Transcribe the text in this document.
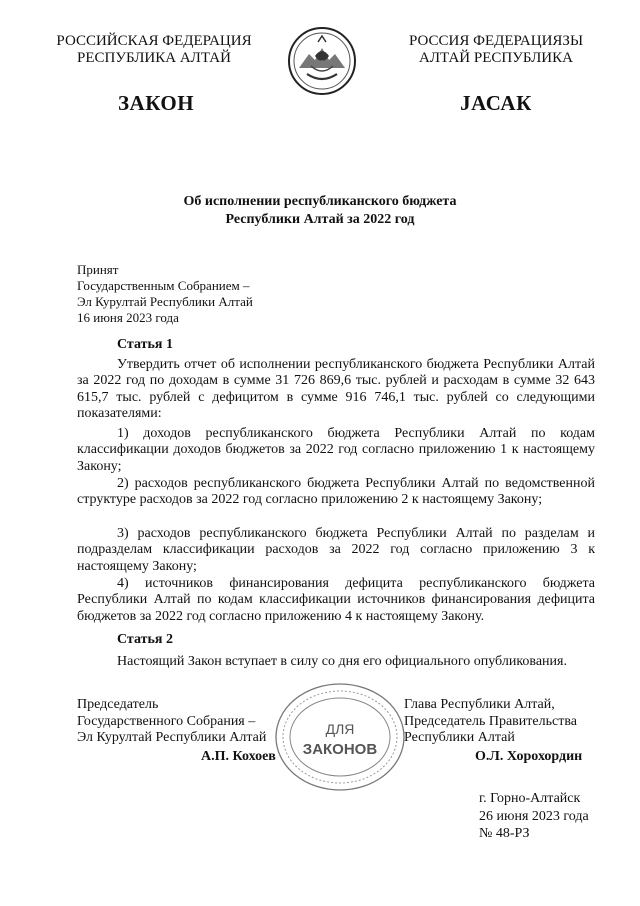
РОССИЙСКАЯ ФЕДЕРАЦИЯ
РЕСПУБЛИКА АЛТАЙ
РОССИЯ ФЕДЕРАЦИЯЗЫ
АЛТАЙ РЕСПУБЛИКА
ЗАКОН	ЈАСАК
Об исполнении республиканского бюджета
Республики Алтай за 2022 год
Принят
Государственным Собранием –
Эл Курултай Республики Алтай
16 июня 2023 года
Статья 1
Утвердить отчет об исполнении республиканского бюджета Республики Алтай за 2022 год по доходам в сумме 31 726 869,6 тыс. рублей и расходам в сумме 32 643 615,7 тыс. рублей с дефицитом в сумме 916 746,1 тыс. рублей со следующими показателями:
1) доходов республиканского бюджета Республики Алтай по кодам классификации доходов бюджетов за 2022 год согласно приложению 1 к настоящему Закону;
2) расходов республиканского бюджета Республики Алтай по ведомственной структуре расходов за 2022 год согласно приложению 2 к настоящему Закону;
3) расходов республиканского бюджета Республики Алтай по разделам и подразделам классификации расходов за 2022 год согласно приложению 3 к настоящему Закону;
4) источников финансирования дефицита республиканского бюджета Республики Алтай по кодам классификации источников финансирования дефицита бюджетов за 2022 год согласно приложению 4 к настоящему Закону.
Статья 2
Настоящий Закон вступает в силу со дня его официального опубликования.
ДЛЯ
ЗАКОНОВ
Председатель
Государственного Собрания –
Эл Курултай Республики Алтай
А.П. Кохоев
Глава Республики Алтай,
Председатель Правительства
Республики Алтай
О.Л. Хорохордин
г. Горно-Алтайск
26 июня 2023 года
№ 48-РЗ
